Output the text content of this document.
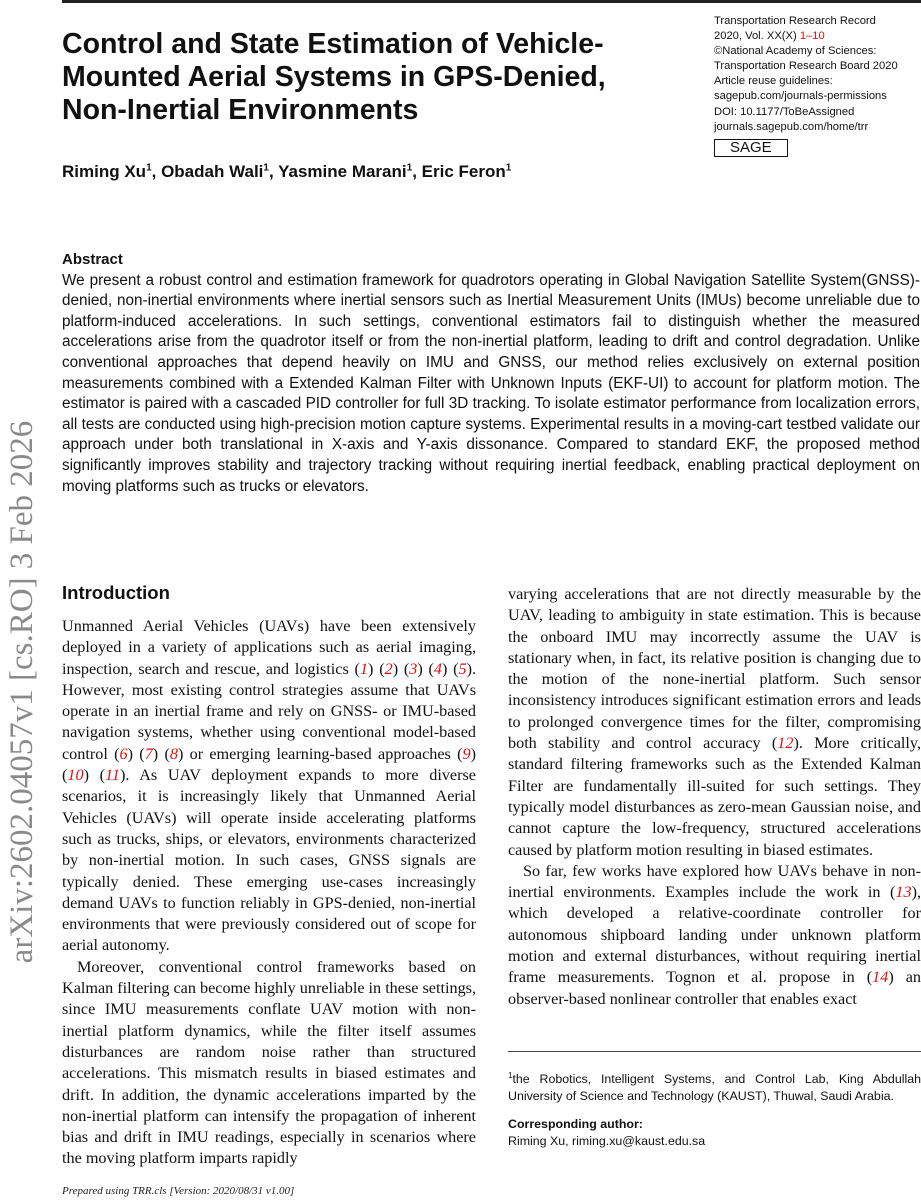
arXiv:2602.04057v1 [cs.RO] 3 Feb 2026
Control and State Estimation of Vehicle-Mounted Aerial Systems in GPS-Denied, Non-Inertial Environments
Transportation Research Record
2020, Vol. XX(X) 1–10
©National Academy of Sciences:
Transportation Research Board 2020
Article reuse guidelines:
sagepub.com/journals-permissions
DOI: 10.1177/ToBeAssigned
journals.sagepub.com/home/trr
SAGE
Riming Xu$^1$, Obadah Wali$^1$, Yasmine Marani$^1$, Eric Feron$^1$
Abstract

We present a robust control and estimation framework for quadrotors operating in Global Navigation Satellite System(GNSS)-denied, non-inertial environments where inertial sensors such as Inertial Measurement Units (IMUs) become unreliable due to platform-induced accelerations. In such settings, conventional estimators fail to distinguish whether the measured accelerations arise from the quadrotor itself or from the non-inertial platform, leading to drift and control degradation. Unlike conventional approaches that depend heavily on IMU and GNSS, our method relies exclusively on external position measurements combined with a Extended Kalman Filter with Unknown Inputs (EKF-UI) to account for platform motion. The estimator is paired with a cascaded PID controller for full 3D tracking. To isolate estimator performance from localization errors, all tests are conducted using high-precision motion capture systems. Experimental results in a moving-cart testbed validate our approach under both translational in X-axis and Y-axis dissonance. Compared to standard EKF, the proposed method significantly improves stability and trajectory tracking without requiring inertial feedback, enabling practical deployment on moving platforms such as trucks or elevators.

Introduction

Unmanned Aerial Vehicles (UAVs) have been extensively deployed in a variety of applications such as aerial imaging, inspection, search and rescue, and logistics (1) (2) (3) (4) (5). However, most existing control strategies assume that UAVs operate in an inertial frame and rely on GNSS- or IMU-based navigation systems, whether using conventional model-based control (6) (7) (8) or emerging learning-based approaches (9) (10) (11). As UAV deployment expands to more diverse scenarios, it is increasingly likely that Unmanned Aerial Vehicles (UAVs) will operate inside accelerating platforms such as trucks, ships, or elevators, environments characterized by non-inertial motion. In such cases, GNSS signals are typically denied. These emerging use-cases increasingly demand UAVs to function reliably in GPS-denied, non-inertial environments that were previously considered out of scope for aerial autonomy.

Moreover, conventional control frameworks based on Kalman filtering can become highly unreliable in these settings, since IMU measurements conflate UAV motion with non-inertial platform dynamics, while the filter itself assumes disturbances are random noise rather than structured accelerations. This mismatch results in biased estimates and drift. In addition, the dynamic accelerations imparted by the non-inertial platform can intensify the propagation of inherent bias and drift in IMU readings, especially in scenarios where the moving platform imparts rapidly

varying accelerations that are not directly measurable by the UAV, leading to ambiguity in state estimation. This is because the onboard IMU may incorrectly assume the UAV is stationary when, in fact, its relative position is changing due to the motion of the none-inertial platform. Such sensor inconsistency introduces significant estimation errors and leads to prolonged convergence times for the filter, compromising both stability and control accuracy (12). More critically, standard filtering frameworks such as the Extended Kalman Filter are fundamentally ill-suited for such settings. They typically model disturbances as zero-mean Gaussian noise, and cannot capture the low-frequency, structured accelerations caused by platform motion resulting in biased estimates.

So far, few works have explored how UAVs behave in non-inertial environments. Examples include the work in (13), which developed a relative-coordinate controller for autonomous shipboard landing under unknown platform motion and external disturbances, without requiring inertial frame measurements. Tognon et al. propose in (14) an observer-based nonlinear controller that enables exact

$^1$the Robotics, Intelligent Systems, and Control Lab, King Abdullah University of Science and Technology (KAUST), Thuwal, Saudi Arabia.

Corresponding author:

Riming Xu, riming.xu@kaust.edu.sa

Prepared using TRR.cls [Version: 2020/08/31 v1.00]
